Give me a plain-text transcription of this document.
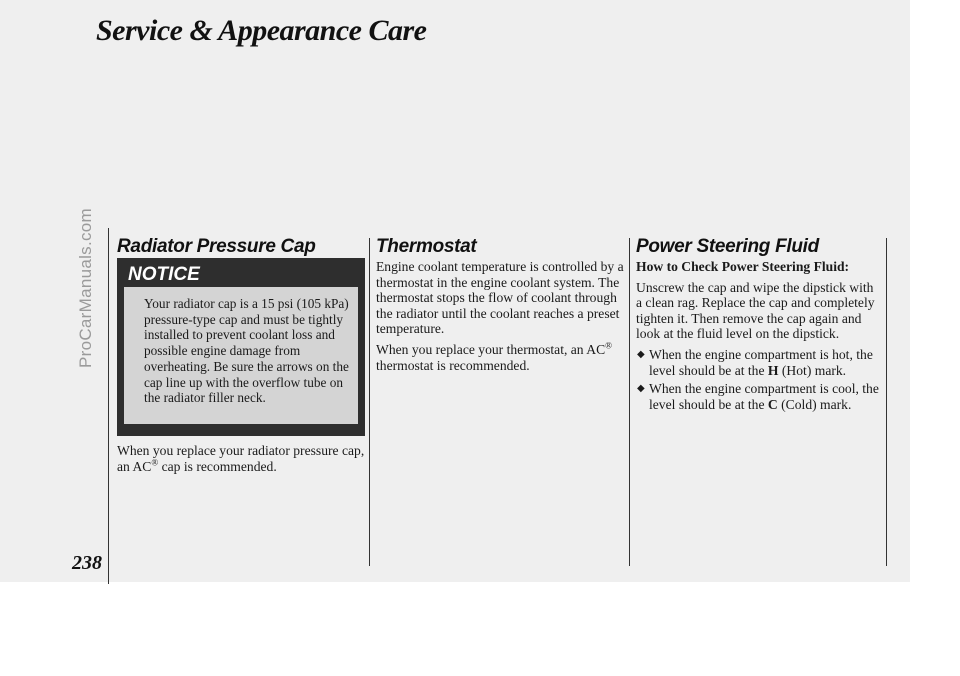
Service & Appearance Care
ProCarManuals.com Radiator Pressure Cap
NOTICE
Your radiator cap is a 15 psi (105 kPa) pressure-type cap and must be tightly installed to prevent coolant loss and possible engine damage from overheating. Be sure the arrows on the cap line up with the overflow tube on the radiator filler neck.
When you replace your radiator pressure cap, an AC® cap is recommended.
Thermostat

Engine coolant temperature is controlled by a thermostat in the engine coolant system. The thermostat stops the flow of coolant through the radiator until the coolant reaches a preset temperature.

When you replace your thermostat, an AC® thermostat is recommended.

Power Steering Fluid

How to Check Power Steering Fluid:

Unscrew the cap and wipe the dipstick with a clean rag. Replace the cap and completely tighten it. Then remove the cap again and look at the fluid level on the dipstick.

◆ When the engine compartment is hot, the level should be at the H (Hot) mark.
◆ When the engine compartment is cool, the level should be at the C (Cold) mark.
238
